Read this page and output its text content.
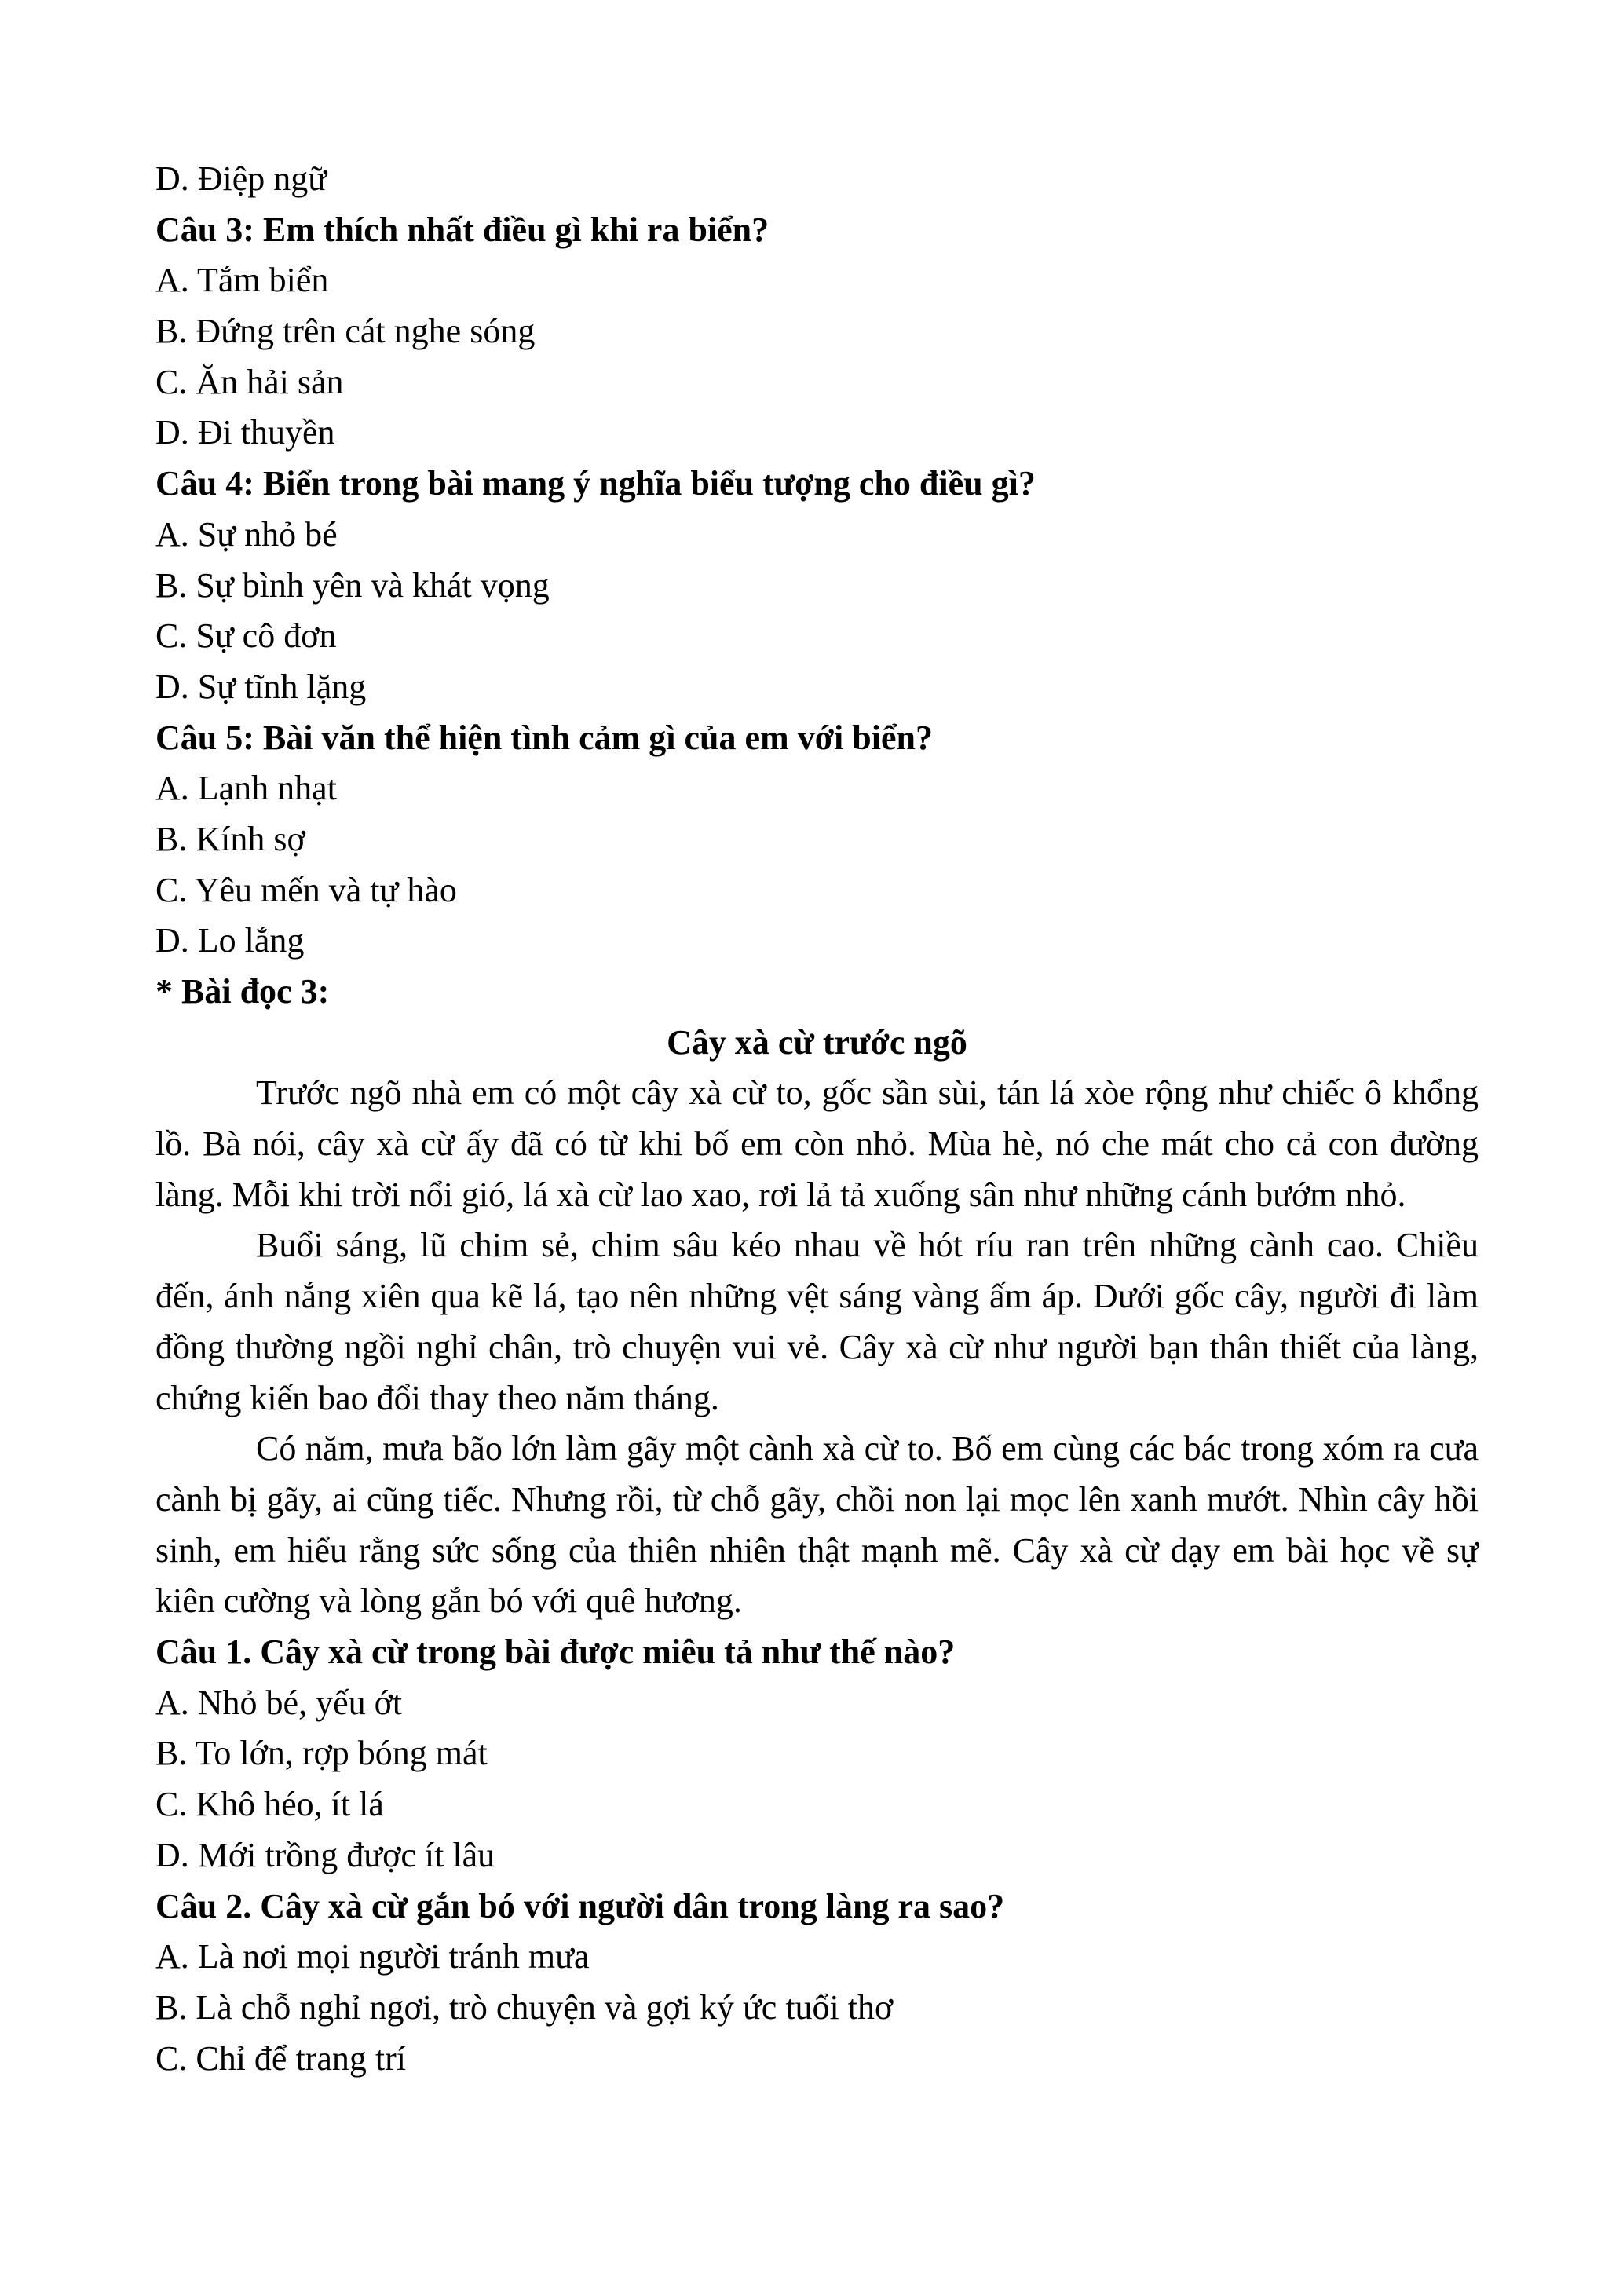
D. Điệp ngữ
Câu 3: Em thích nhất điều gì khi ra biển?
A. Tắm biển
B. Đứng trên cát nghe sóng
C. Ăn hải sản
D. Đi thuyền
Câu 4: Biển trong bài mang ý nghĩa biểu tượng cho điều gì?
A. Sự nhỏ bé
B. Sự bình yên và khát vọng
C. Sự cô đơn
D. Sự tĩnh lặng
Câu 5: Bài văn thể hiện tình cảm gì của em với biển?
A. Lạnh nhạt
B. Kính sợ
C. Yêu mến và tự hào
D. Lo lắng
* Bài đọc 3:
Cây xà cừ trước ngõ

Trước ngõ nhà em có một cây xà cừ to, gốc sần sùi, tán lá xòe rộng như chiếc ô khổng lồ. Bà nói, cây xà cừ ấy đã có từ khi bố em còn nhỏ. Mùa hè, nó che mát cho cả con đường làng. Mỗi khi trời nổi gió, lá xà cừ lao xao, rơi lả tả xuống sân như những cánh bướm nhỏ.

Buổi sáng, lũ chim sẻ, chim sâu kéo nhau về hót ríu ran trên những cành cao. Chiều đến, ánh nắng xiên qua kẽ lá, tạo nên những vệt sáng vàng ấm áp. Dưới gốc cây, người đi làm đồng thường ngồi nghỉ chân, trò chuyện vui vẻ. Cây xà cừ như người bạn thân thiết của làng, chứng kiến bao đổi thay theo năm tháng.

Có năm, mưa bão lớn làm gãy một cành xà cừ to. Bố em cùng các bác trong xóm ra cưa cành bị gãy, ai cũng tiếc. Nhưng rồi, từ chỗ gãy, chồi non lại mọc lên xanh mướt. Nhìn cây hồi sinh, em hiểu rằng sức sống của thiên nhiên thật mạnh mẽ. Cây xà cừ dạy em bài học về sự kiên cường và lòng gắn bó với quê hương.

Câu 1. Cây xà cừ trong bài được miêu tả như thế nào?
A. Nhỏ bé, yếu ớt
B. To lớn, rợp bóng mát
C. Khô héo, ít lá
D. Mới trồng được ít lâu
Câu 2. Cây xà cừ gắn bó với người dân trong làng ra sao?
A. Là nơi mọi người tránh mưa
B. Là chỗ nghỉ ngơi, trò chuyện và gợi ký ức tuổi thơ
C. Chỉ để trang trí
